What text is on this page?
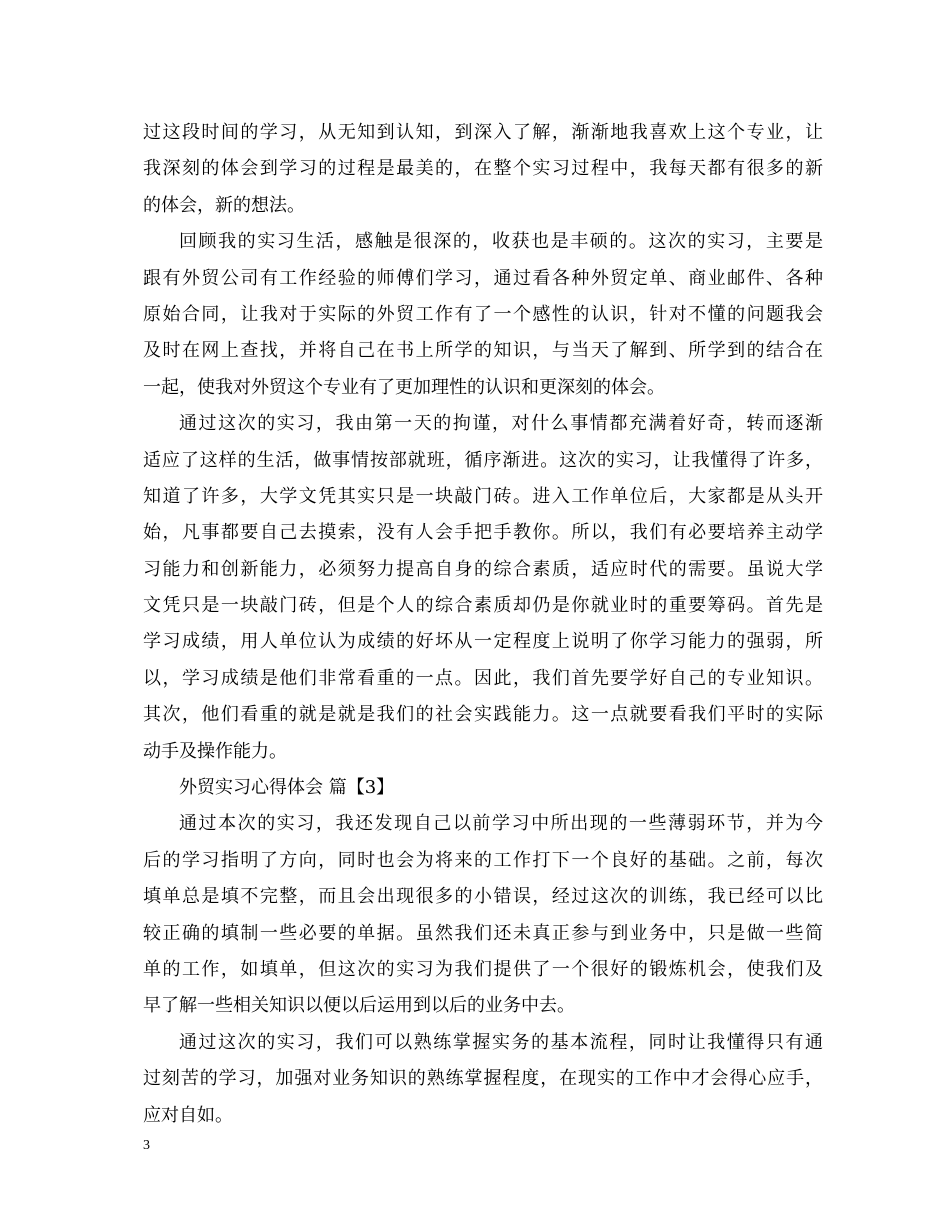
过这段时间的学习，从无知到认知，到深入了解，渐渐地我喜欢上这个专业，让
我深刻的体会到学习的过程是最美的，在整个实习过程中，我每天都有很多的新
的体会，新的想法。
回顾我的实习生活，感触是很深的，收获也是丰硕的。这次的实习，主要是
跟有外贸公司有工作经验的师傅们学习，通过看各种外贸定单、商业邮件、各种
原始合同，让我对于实际的外贸工作有了一个感性的认识，针对不懂的问题我会
及时在网上查找，并将自己在书上所学的知识，与当天了解到、所学到的结合在
一起，使我对外贸这个专业有了更加理性的认识和更深刻的体会。
通过这次的实习，我由第一天的拘谨，对什么事情都充满着好奇，转而逐渐
适应了这样的生活，做事情按部就班，循序渐进。这次的实习，让我懂得了许多，
知道了许多，大学文凭其实只是一块敲门砖。进入工作单位后，大家都是从头开
始，凡事都要自己去摸索，没有人会手把手教你。所以，我们有必要培养主动学
习能力和创新能力，必须努力提高自身的综合素质，适应时代的需要。虽说大学
文凭只是一块敲门砖，但是个人的综合素质却仍是你就业时的重要筹码。首先是
学习成绩，用人单位认为成绩的好坏从一定程度上说明了你学习能力的强弱，所
以，学习成绩是他们非常看重的一点。因此，我们首先要学好自己的专业知识。
其次，他们看重的就是就是我们的社会实践能力。这一点就要看我们平时的实际
动手及操作能力。
外贸实习心得体会 篇【3】
通过本次的实习，我还发现自己以前学习中所出现的一些薄弱环节，并为今
后的学习指明了方向，同时也会为将来的工作打下一个良好的基础。之前，每次
填单总是填不完整，而且会出现很多的小错误，经过这次的训练，我已经可以比
较正确的填制一些必要的单据。虽然我们还未真正参与到业务中，只是做一些简
单的工作，如填单，但这次的实习为我们提供了一个很好的锻炼机会，使我们及
早了解一些相关知识以便以后运用到以后的业务中去。
通过这次的实习，我们可以熟练掌握实务的基本流程，同时让我懂得只有通
过刻苦的学习，加强对业务知识的熟练掌握程度，在现实的工作中才会得心应手，
应对自如。
3
